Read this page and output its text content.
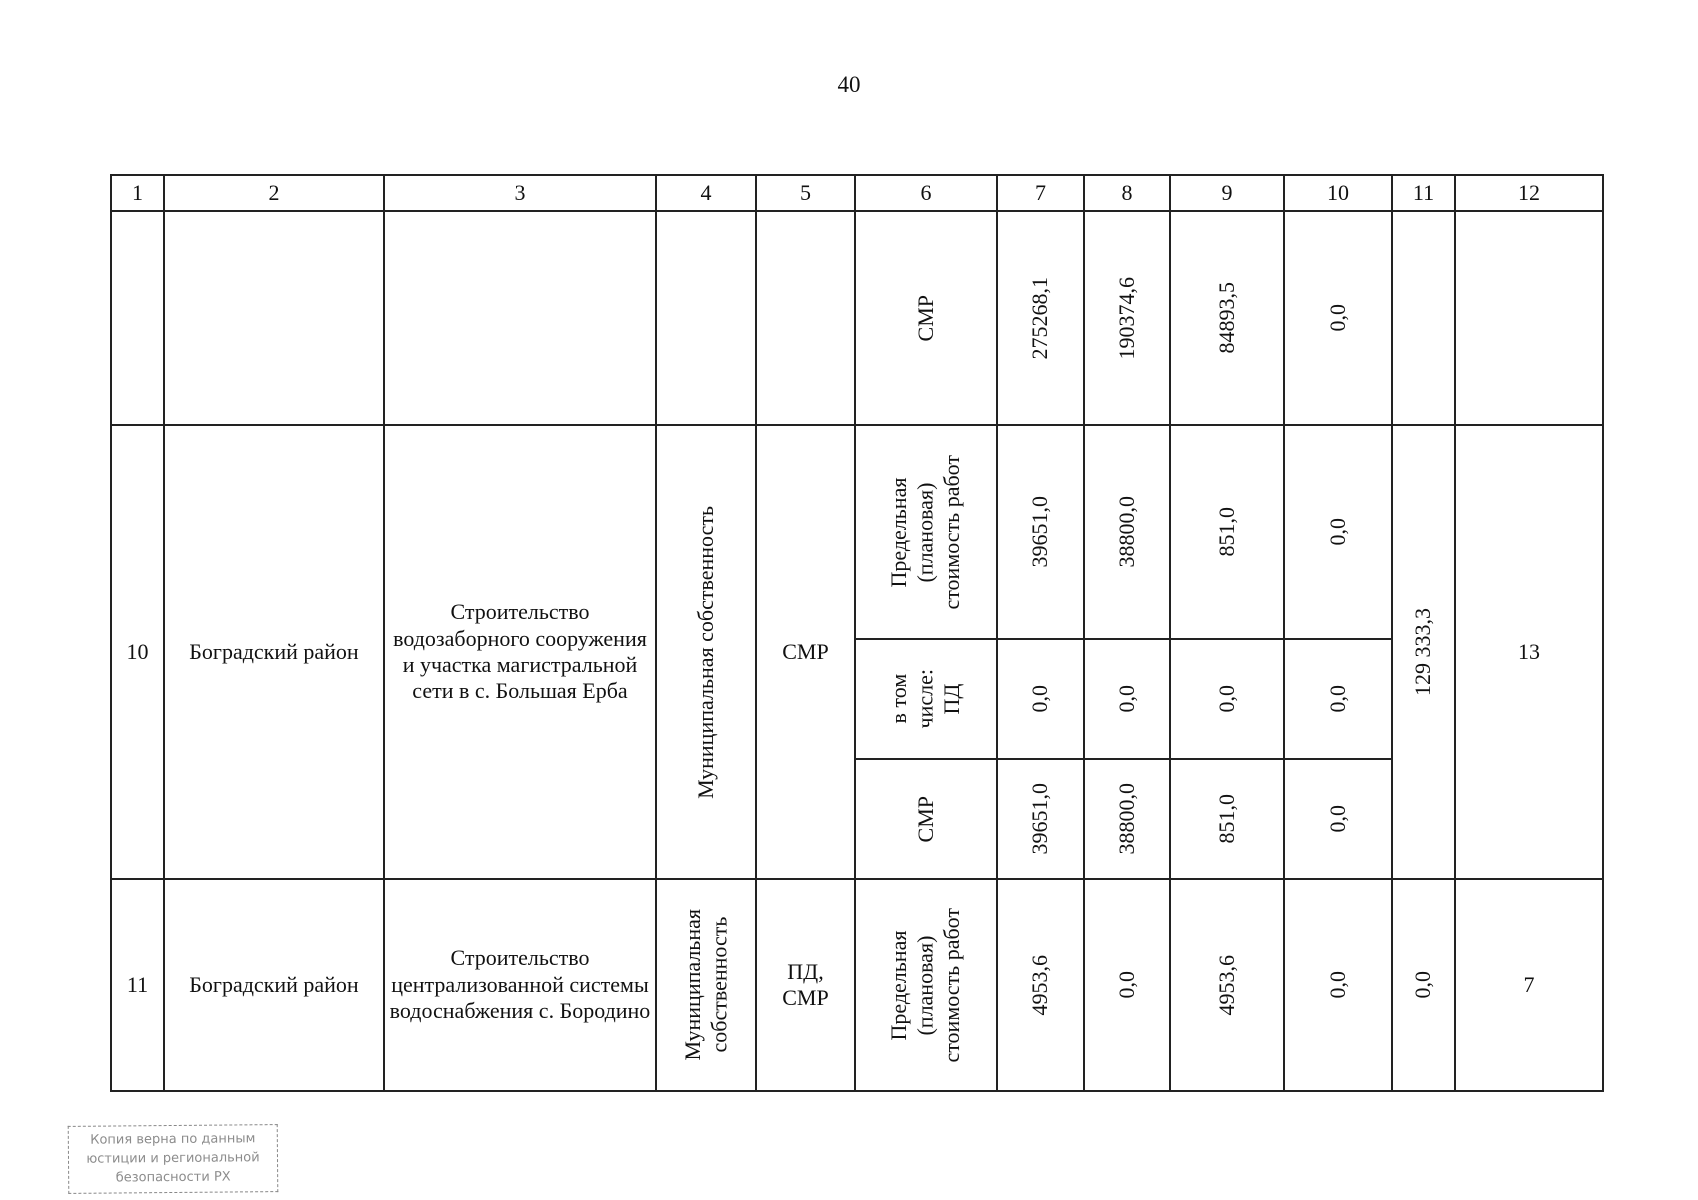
40
1	2	3	4	5	6	7	8	9	10	11	12

					СМР	275268,1	190374,6	84893,5	0,0		

10	Боградский район	Строительство водозаборного сооружения и участка магистральной сети в с. Большая Ерба	Муниципальная собственность	СМР	Предельная
(плановая)
стоимость работ	39651,0	38800,0	851,0	0,0	129 333,3	13

					в том
числе:
ПД	0,0	0,0	0,0	0,0		

					СМР	39651,0	38800,0	851,0	0,0		

11	Боградский район	Строительство централизованной системы водоснабжения с. Бородино	Муниципальная
собственность	ПД,
СМР	Предельная
(плановая)
стоимость работ	4953,6	0,0	4953,6	0,0	0,0	7
Копия верна по данным
юстиции и региональной
безопасности РХ
